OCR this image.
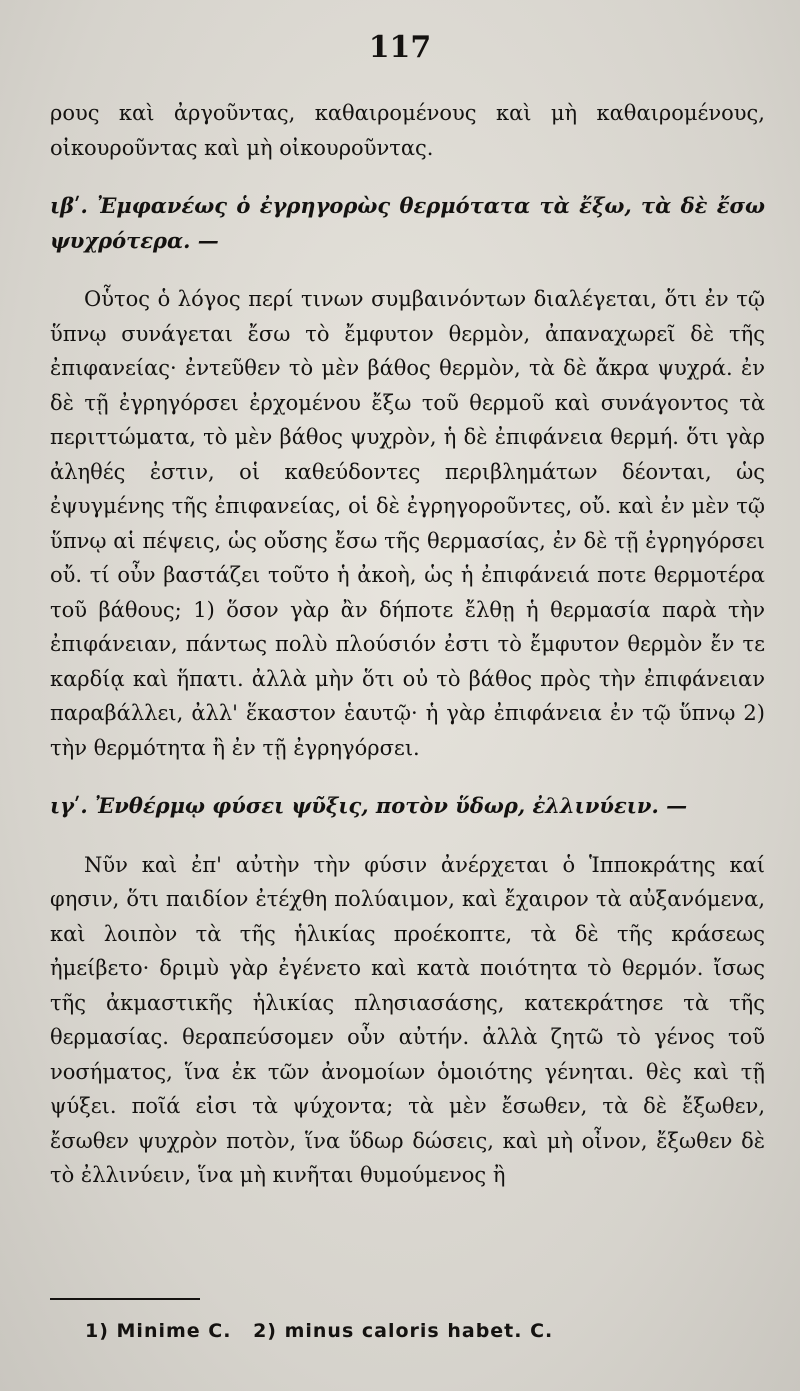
117

ρους καὶ ἀργοῦντας, καθαιρομένους καὶ μὴ καθαιρομένους, οἰκουροῦντας καὶ μὴ οἰκουροῦντας.

ιβʹ. Ἐμφανέως ὁ ἐγρηγορὼς θερμότατα τὰ ἔξω, τὰ δὲ ἔσω ψυχρότερα. —

Οὗτος ὁ λόγος περί τινων συμβαινόντων διαλέγεται, ὅτι ἐν τῷ ὕπνῳ συνάγεται ἔσω τὸ ἔμφυτον θερμὸν, ἀπαναχωρεῖ δὲ τῆς ἐπιφανείας· ἐντεῦθεν τὸ μὲν βάθος θερμὸν, τὰ δὲ ἄκρα ψυχρά. ἐν δὲ τῇ ἐγρηγόρσει ἐρχομένου ἔξω τοῦ θερμοῦ καὶ συνάγοντος τὰ περιττώματα, τὸ μὲν βάθος ψυχρὸν, ἡ δὲ ἐπιφάνεια θερμή. ὅτι γὰρ ἀληθές ἐστιν, οἱ καθεύδοντες περιβλημάτων δέονται, ὡς ἐψυγμένης τῆς ἐπιφανείας, οἱ δὲ ἐγρηγοροῦντες, οὔ. καὶ ἐν μὲν τῷ ὕπνῳ αἱ πέψεις, ὡς οὔσης ἔσω τῆς θερμασίας, ἐν δὲ τῇ ἐγρηγόρσει οὔ. τί οὖν βαστάζει τοῦτο ἡ ἀκοὴ, ὡς ἡ ἐπιφάνειά ποτε θερμοτέρα τοῦ βάθους; 1) ὅσον γὰρ ἂν δήποτε ἔλθῃ ἡ θερμασία παρὰ τὴν ἐπιφάνειαν, πάντως πολὺ πλούσιόν ἐστι τὸ ἔμφυτον θερμὸν ἔν τε καρδίᾳ καὶ ἥπατι. ἀλλὰ μὴν ὅτι οὐ τὸ βάθος πρὸς τὴν ἐπιφάνειαν παραβάλλει, ἀλλ' ἕκαστον ἑαυτῷ· ἡ γὰρ ἐπιφάνεια ἐν τῷ ὕπνῳ 2) τὴν θερμότητα ἢ ἐν τῇ ἐγρηγόρσει.

ιγʹ. Ἐνθέρμῳ φύσει ψῦξις, ποτὸν ὕδωρ, ἐλλινύειν. —

Νῦν καὶ ἐπ' αὐτὴν τὴν φύσιν ἀνέρχεται ὁ Ἱπποκράτης καί φησιν, ὅτι παιδίον ἐτέχθη πολύαιμον, καὶ ἔχαιρον τὰ αὐξανόμενα, καὶ λοιπὸν τὰ τῆς ἡλικίας προέκοπτε, τὰ δὲ τῆς κράσεως ἠμείβετο· δριμὺ γὰρ ἐγένετο καὶ κατὰ ποιότητα τὸ θερμόν. ἴσως τῆς ἀκμαστικῆς ἡλικίας πλησιασάσης, κατεκράτησε τὰ τῆς θερμασίας. θεραπεύσομεν οὖν αὐτήν. ἀλλὰ ζητῶ τὸ γένος τοῦ νοσήματος, ἵνα ἐκ τῶν ἀνομοίων ὁμοιότης γένηται. θὲς καὶ τῇ ψύξει. ποῖά εἰσι τὰ ψύχοντα; τὰ μὲν ἔσωθεν, τὰ δὲ ἔξωθεν, ἔσωθεν ψυχρὸν ποτὸν, ἵνα ὕδωρ δώσεις, καὶ μὴ οἶνον, ἔξωθεν δὲ τὸ ἐλλινύειν, ἵνα μὴ κινῆται θυμούμενος ἢ

1) Minime C. 2) minus caloris habet. C.
